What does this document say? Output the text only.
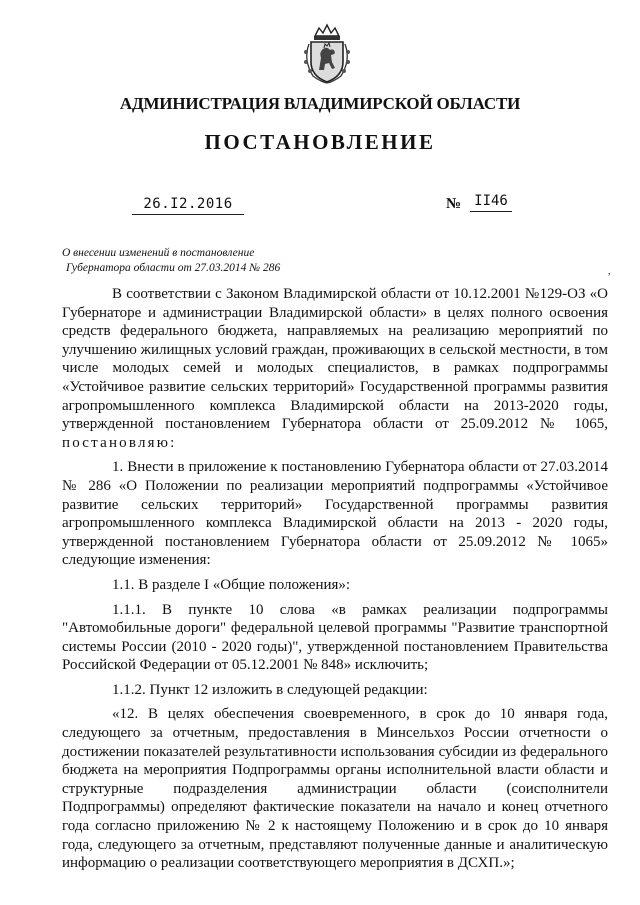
АДМИНИСТРАЦИЯ ВЛАДИМИРСКОЙ ОБЛАСТИ
ПОСТАНОВЛЕНИЕ
26.I2.2016	№ II46
О внесении изменений в постановление
Губернатора области от 27.03.2014 № 286	,

В соответствии с Законом Владимирской области от 10.12.2001 №129-ОЗ «О Губернаторе и администрации Владимирской области» в целях полного освоения средств федерального бюджета, направляемых на реализацию мероприятий по улучшению жилищных условий граждан, проживающих в сельской местности, в том числе молодых семей и молодых специалистов, в рамках подпрограммы «Устойчивое развитие сельских территорий» Государственной программы развития агропромышленного комплекса Владимирской области на 2013-2020 годы, утвержденной постановлением Губернатора области от 25.09.2012 № 1065, постановляю:

1. Внести в приложение к постановлению Губернатора области от 27.03.2014 № 286 «О Положении по реализации мероприятий подпрограммы «Устойчивое развитие сельских территорий» Государственной программы развития агропромышленного комплекса Владимирской области на 2013 - 2020 годы, утвержденной постановлением Губернатора области от 25.09.2012 № 1065» следующие изменения:

1.1. В разделе I «Общие положения»:

1.1.1. В пункте 10 слова «в рамках реализации подпрограммы "Автомобильные дороги" федеральной целевой программы "Развитие транспортной системы России (2010 - 2020 годы)", утвержденной постановлением Правительства Российской Федерации от 05.12.2001 № 848» исключить;

1.1.2. Пункт 12 изложить в следующей редакции:

«12. В целях обеспечения своевременного, в срок до 10 января года, следующего за отчетным, предоставления в Минсельхоз России отчетности о достижении показателей результативности использования субсидии из федерального бюджета на мероприятия Подпрограммы органы исполнительной власти области и структурные подразделения администрации области (соисполнители Подпрограммы) определяют фактические показатели на начало и конец отчетного года согласно приложению № 2 к настоящему Положению и в срок до 10 января года, следующего за отчетным, представляют полученные данные и аналитическую информацию о реализации соответствующего мероприятия в ДСХП.»;
